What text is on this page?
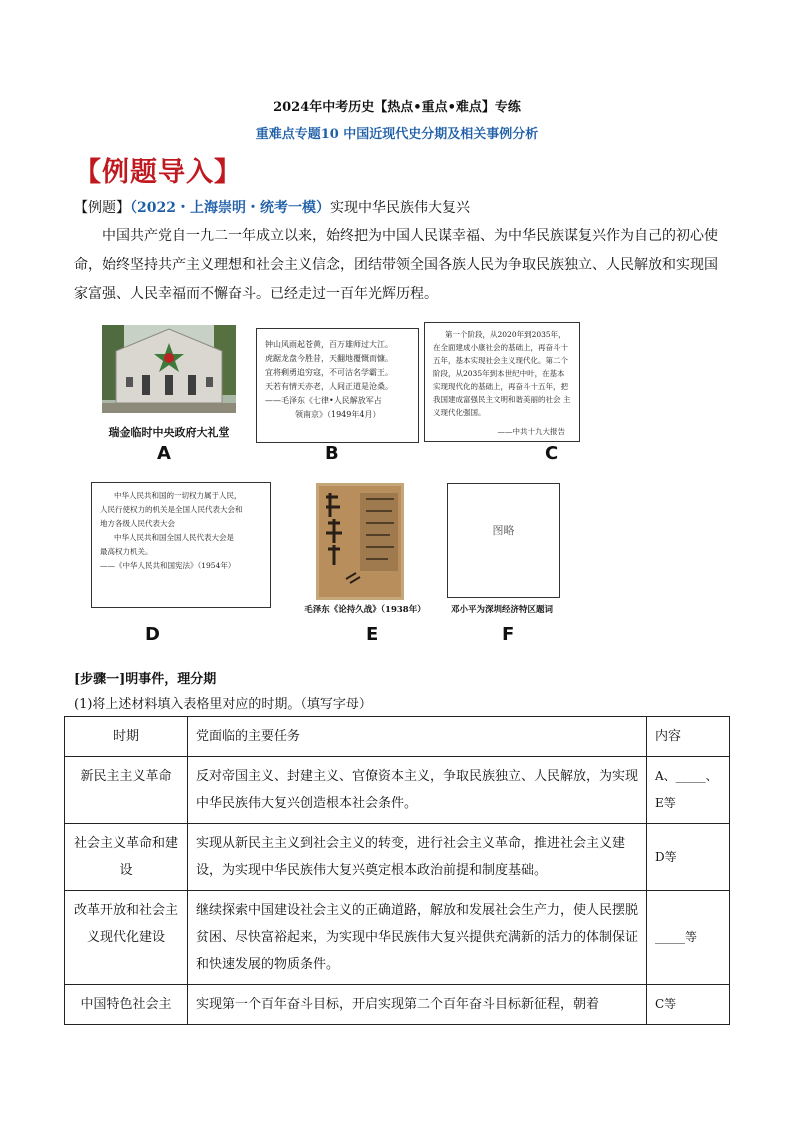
2024年中考历史【热点•重点•难点】专练
重难点专题10 中国近现代史分期及相关事例分析
【例题导入】
【例题】（2022・上海崇明・统考一模）实现中华民族伟大复兴
中国共产党自一九二一年成立以来，始终把为中国人民谋幸福、为中华民族谋复兴作为自己的初心使命，始终坚持共产主义理想和社会主义信念，团结带领全国各族人民为争取民族独立、人民解放和实现国家富强、人民幸福而不懈奋斗。已经走过一百年光辉历程。
瑞金临时中央政府大礼堂
A
钟山风雨起苍黄，百万雄师过大江。
虎踞龙盘今胜昔，天翻地覆慨而慷。
宜将剩勇追穷寇，不可沽名学霸王。
天若有情天亦老，人间正道是沧桑。
——毛泽东《七律•人民解放军占
领南京》（1949年4月）
B
第一个阶段，从2020年到2035年，在全面建成小康社会的基础上，再奋斗十五年，基本实现社会主义现代化。第二个阶段，从2035年到本世纪中叶，在基本实现现代化的基础上，再奋斗十五年，把我国建成富强民主文明和谐美丽的社会 主义现代化强国。
——中共十九大报告
C
中华人民共和国的一切权力属于人民，
人民行使权力的机关是全国人民代表大会和
地方各级人民代表大会
中华人民共和国全国人民代表大会是
最高权力机关。
——《中华人民共和国宪法》（1954年）
D
毛泽东《论持久战》（1938年）
E
图略
邓小平为深圳经济特区题词
F
[步骤一]明事件，理分期
(1)将上述材料填入表格里对应的时期。（填写字母）
时期	党面临的主要任务	内容
新民主主义革命	反对帝国主义、封建主义、官僚资本主义，争取民族独立、人民解放，为实现中华民族伟大复兴创造根本社会条件。	A、_____、
E等

社会主义革命和建设	实现从新民主主义到社会主义的转变，进行社会主义革命，推进社会主义建设，为实现中华民族伟大复兴奠定根本政治前提和制度基础。	D等
改革开放和社会主义现代化建设	继续探索中国建设社会主义的正确道路，解放和发展社会生产力，使人民摆脱贫困、尽快富裕起来，为实现中华民族伟大复兴提供充满新的活力的体制保证和快速发展的物质条件。	_____等
中国特色社会主	实现第一个百年奋斗目标，开启实现第二个百年奋斗目标新征程，朝着	C等
